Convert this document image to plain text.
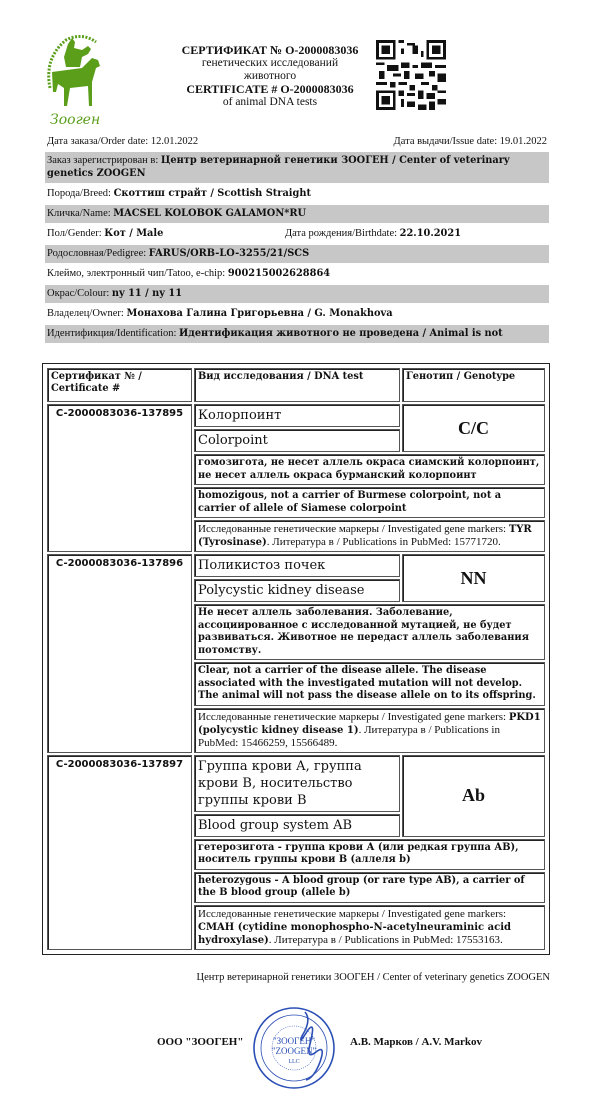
Зооген
СЕРТИФИКАТ № O-2000083036
генетических исследований
животного
CERTIFICATE # O-2000083036
of animal DNA tests
Дата заказа/Order date: 12.01.2022	Дата выдачи/Issue date: 19.01.2022
Заказ зарегистрирован в: Центр ветеринарной генетики ЗООГЕН / Center of veterinary genetics ZOOGEN
Порода/Breed: Скоттиш страйт / Scottish Straight
Кличка/Name: MACSEL KOLOBOK GALAMON*RU
Пол/Gender: Кот / Male	Дата рождения/Birthdate: 22.10.2021
Родословная/Pedigree: FARUS/ORB-LO-3255/21/SCS
Клеймо, электронный чип/Tatoo, e-chip: 900215002628864
Окрас/Colour: ny 11 / ny 11
Владелец/Owner: Монахова Галина Григорьевна / G. Monakhova
Идентификция/Identification: Идентификация животного не проведена / Animal is not
Сертификат № / Certificate #	Вид исследования / DNA test	Генотип / Genotype
C-2000083036-137895	Колорпоинт	C/C
	Colorpoint	
	гомозигота, не несет аллель окраса сиамский колорпоинт, не несет аллель окраса бурманский колорпоинт	
	homozigous, not a carrier of Burmese colorpoint, not a carrier of allele of Siamese colorpoint	
	Исследованные генетические маркеры / Investigated gene markers: TYR (Tyrosinase). Литература в / Publications in PubMed: 15771720.	
C-2000083036-137896	Поликистоз почек	NN
	Polycystic kidney disease	
	Не несет аллель заболевания. Заболевание, ассоциированное с исследованной мутацией, не будет развиваться. Животное не передаст аллель заболевания потомству.	
	Clear, not a carrier of the disease allele. The disease associated with the investigated mutation will not develop. The animal will not pass the disease allele on to its offspring.	
	Исследованные генетические маркеры / Investigated gene markers: PKD1 (polycystic kidney disease 1). Литература в / Publications in PubMed: 15466259, 15566489.	
C-2000083036-137897	Группа крови A, группа крови B, носительство группы крови B	Ab
	Blood group system AB	
	гетерозигота - группа крови А (или редкая группа АВ), носитель группы крови В (аллеля b)	
	heterozygous - A blood group (or rare type AB), a carrier of the B blood group (allele b)	
	Исследованные генетические маркеры / Investigated gene markers: CMAH (cytidine monophospho-N-acetylneuraminic acid hydroxylase). Литература в / Publications in PubMed: 17553163.	
Центр ветеринарной генетики ЗООГЕН / Center of veterinary genetics ZOOGEN
ООО "ЗООГЕН"	"ЗООГЕН"
"ZOOGEN"
LLC
А.В. Марков / A.V. Markov
